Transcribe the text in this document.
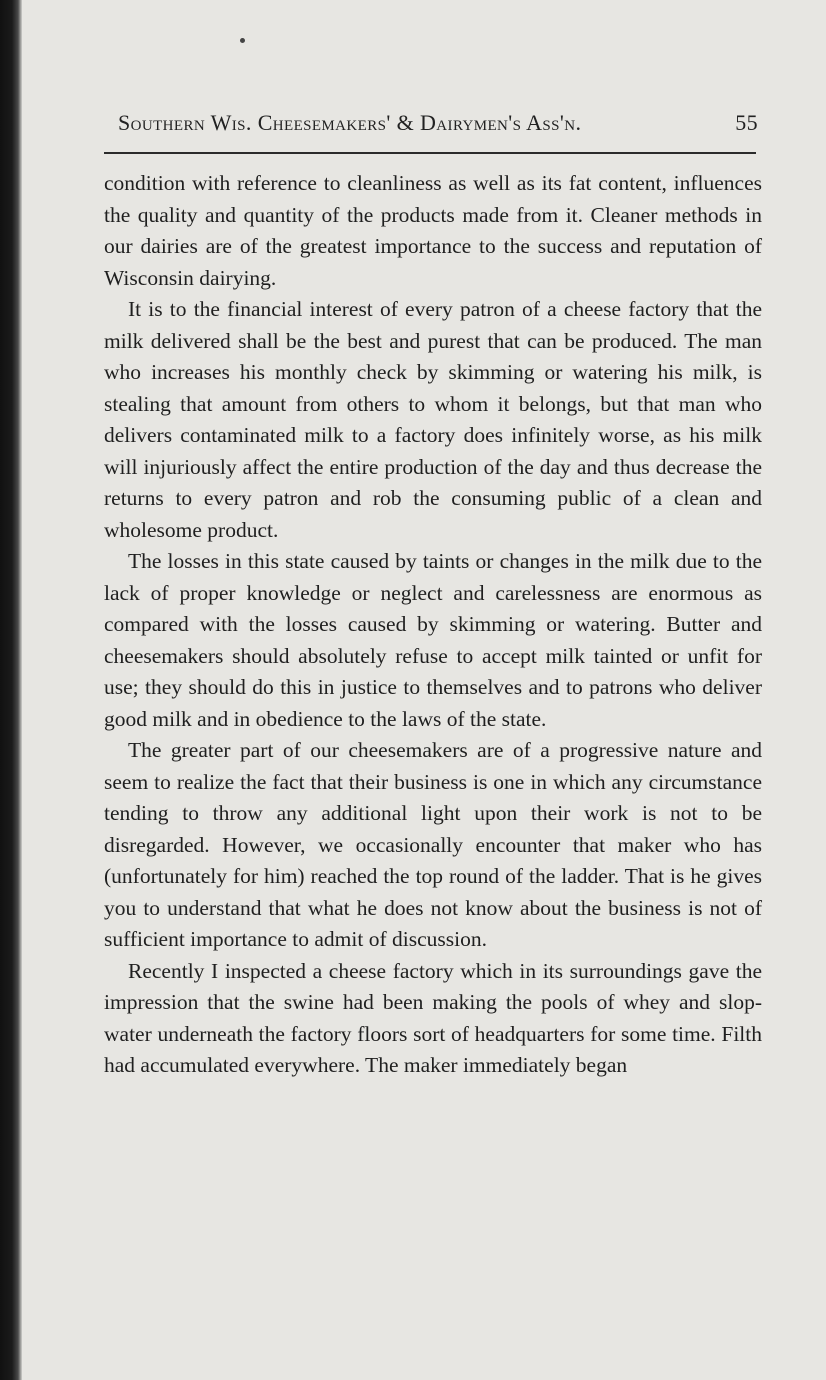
Southern Wis. Cheesemakers' & Dairymen's Ass'n.	55

condition with reference to cleanliness as well as its fat content, influences the quality and quantity of the products made from it. Cleaner methods in our dairies are of the greatest importance to the success and reputation of Wisconsin dairying.

It is to the financial interest of every patron of a cheese factory that the milk delivered shall be the best and purest that can be produced. The man who increases his monthly check by skimming or watering his milk, is stealing that amount from others to whom it belongs, but that man who delivers contaminated milk to a factory does infinitely worse, as his milk will injuriously affect the entire production of the day and thus decrease the returns to every patron and rob the consuming public of a clean and wholesome product.

The losses in this state caused by taints or changes in the milk due to the lack of proper knowledge or neglect and carelessness are enormous as compared with the losses caused by skimming or watering. Butter and cheesemakers should absolutely refuse to accept milk tainted or unfit for use; they should do this in justice to themselves and to patrons who deliver good milk and in obedience to the laws of the state.

The greater part of our cheesemakers are of a progressive nature and seem to realize the fact that their business is one in which any circumstance tending to throw any additional light upon their work is not to be disregarded. However, we occasionally encounter that maker who has (unfortunately for him) reached the top round of the ladder. That is he gives you to understand that what he does not know about the business is not of sufficient importance to admit of discussion.

Recently I inspected a cheese factory which in its surroundings gave the impression that the swine had been making the pools of whey and slop-water underneath the factory floors sort of headquarters for some time. Filth had accumulated everywhere. The maker immediately began
